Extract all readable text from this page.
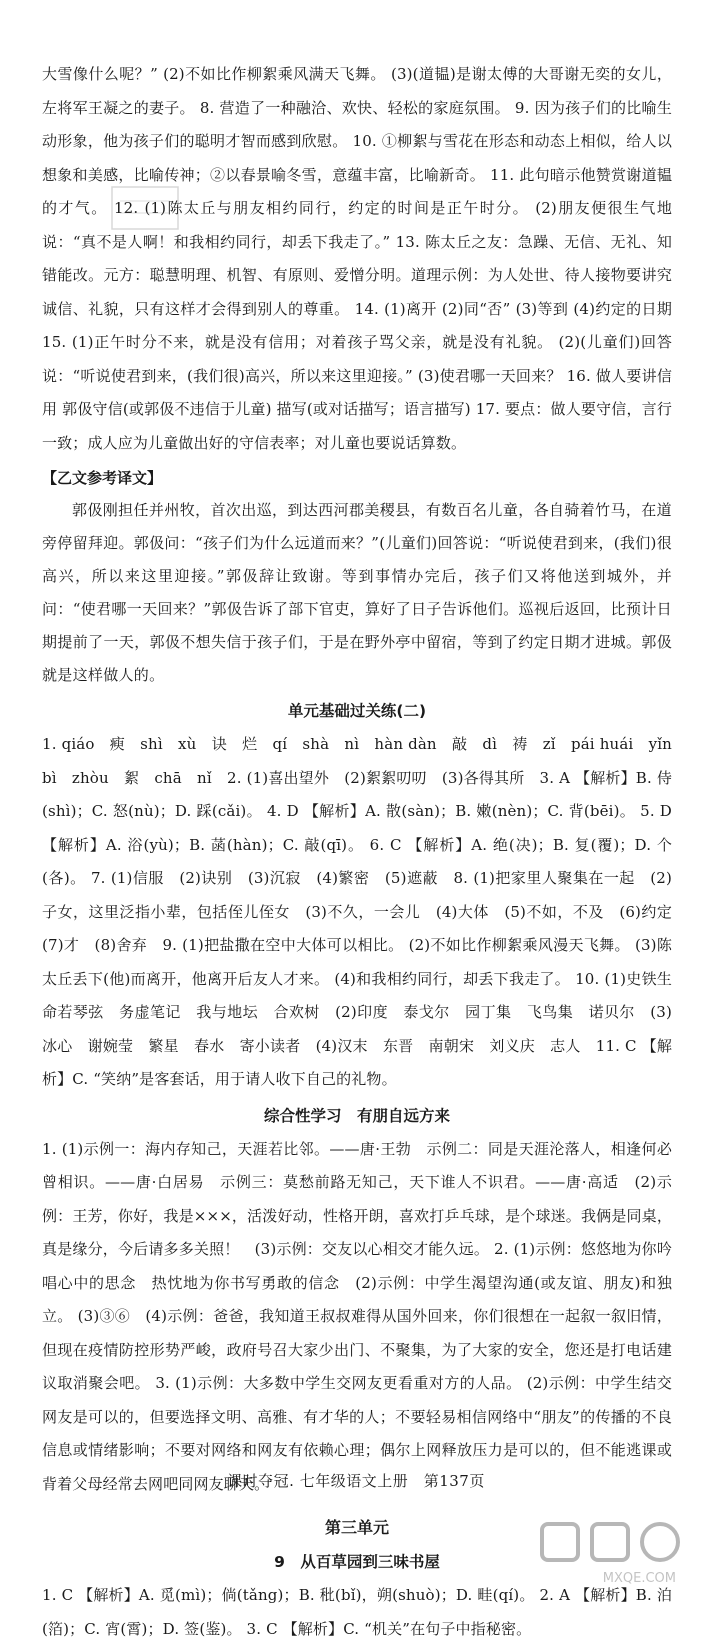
大雪像什么呢？” (2)不如比作柳絮乘风满天飞舞。 (3)(道韫)是谢太傅的大哥谢无奕的女儿，左将军王凝之的妻子。 8. 营造了一种融洽、欢快、轻松的家庭氛围。 9. 因为孩子们的比喻生动形象，他为孩子们的聪明才智而感到欣慰。 10. ①柳絮与雪花在形态和动态上相似，给人以想象和美感，比喻传神；②以春景喻冬雪，意蕴丰富，比喻新奇。 11. 此句暗示他赞赏谢道韫的才气。 12. (1)陈太丘与朋友相约同行，约定的时间是正午时分。 (2)朋友便很生气地说：“真不是人啊！和我相约同行，却丢下我走了。” 13. 陈太丘之友：急躁、无信、无礼、知错能改。元方：聪慧明理、机智、有原则、爱憎分明。道理示例：为人处世、待人接物要讲究诚信、礼貌，只有这样才会得到别人的尊重。 14. (1)离开 (2)同“否” (3)等到 (4)约定的日期 15. (1)正午时分不来，就是没有信用；对着孩子骂父亲，就是没有礼貌。 (2)(儿童们)回答说：“听说使君到来，(我们很)高兴，所以来这里迎接。” (3)使君哪一天回来？ 16. 做人要讲信用 郭伋守信(或郭伋不违信于儿童) 描写(或对话描写；语言描写) 17. 要点：做人要守信，言行一致；成人应为儿童做出好的守信表率；对儿童也要说话算数。

【乙文参考译文】

郭伋刚担任并州牧，首次出巡，到达西河郡美稷县，有数百名儿童，各自骑着竹马，在道旁停留拜迎。郭伋问：“孩子们为什么远道而来？”(儿童们)回答说：“听说使君到来，(我们)很高兴，所以来这里迎接。”郭伋辞让致谢。等到事情办完后，孩子们又将他送到城外，并问：“使君哪一天回来？”郭伋告诉了部下官吏，算好了日子告诉他们。巡视后返回，比预计日期提前了一天，郭伋不想失信于孩子们，于是在野外亭中留宿，等到了约定日期才进城。郭伋就是这样做人的。

单元基础过关练(二)

1. qiáo　瘐　shì　xù　诀　烂　qí　shà　nì　hàn dàn　敲　dì　祷　zǐ　pái huái　yǐn bì　zhòu　絮　chā　nǐ　2. (1)喜出望外　(2)絮絮叨叨　(3)各得其所　3. A 【解析】B. 侍(shì)；C. 怒(nù)；D. 踩(cǎi)。 4. D 【解析】A. 散(sàn)；B. 嫩(nèn)；C. 背(bēi)。 5. D 【解析】A. 浴(yù)；B. 菡(hàn)；C. 敲(qī)。 6. C 【解析】A. 绝(决)；B. 复(覆)；D. 个(各)。 7. (1)信服　(2)诀别　(3)沉寂　(4)繁密　(5)遮蔽　8. (1)把家里人聚集在一起　(2)子女，这里泛指小辈，包括侄儿侄女　(3)不久，一会儿　(4)大体　(5)不如，不及　(6)约定　(7)才　(8)舍弃　9. (1)把盐撒在空中大体可以相比。 (2)不如比作柳絮乘风漫天飞舞。 (3)陈太丘丢下(他)而离开，他离开后友人才来。 (4)和我相约同行，却丢下我走了。 10. (1)史铁生　命若琴弦　务虚笔记　我与地坛　合欢树　(2)印度　泰戈尔　园丁集　飞鸟集　诺贝尔　(3)冰心　谢婉莹　繁星　春水　寄小读者　(4)汉末　东晋　南朝宋　刘义庆　志人　11. C 【解析】C. “笑纳”是客套话，用于请人收下自己的礼物。

综合性学习　有朋自远方来

1. (1)示例一：海内存知己，天涯若比邻。——唐·王勃　示例二：同是天涯沦落人，相逢何必曾相识。——唐·白居易　示例三：莫愁前路无知己，天下谁人不识君。——唐·高适　(2)示例：王芳，你好，我是×××，活泼好动，性格开朗，喜欢打乒乓球，是个球迷。我俩是同桌，真是缘分，今后请多多关照！　(3)示例：交友以心相交才能久远。 2. (1)示例：悠悠地为你吟唱心中的思念　热忱地为你书写勇敢的信念　(2)示例：中学生渴望沟通(或友谊、朋友)和独立。 (3)③⑥　(4)示例：爸爸，我知道王叔叔难得从国外回来，你们很想在一起叙一叙旧情，但现在疫情防控形势严峻，政府号召大家少出门、不聚集，为了大家的安全，您还是打电话建议取消聚会吧。 3. (1)示例：大多数中学生交网友更看重对方的人品。 (2)示例：中学生结交网友是可以的，但要选择文明、高雅、有才华的人；不要轻易相信网络中“朋友”的传播的不良信息或情绪影响；不要对网络和网友有依赖心理；偶尔上网释放压力是可以的，但不能逃课或背着父母经常去网吧同网友聊天。

第三单元
9　从百草园到三味书屋

1. C 【解析】A. 觅(mì)；倘(tǎng)；B. 秕(bǐ)，朔(shuò)；D. 畦(qí)。 2. A 【解析】B. 泊(箔)；C. 宵(霄)；D. 签(鉴)。 3. C 【解析】C. “机关”在句子中指秘密。

课时夺冠. 七年级语文上册　第137页
MXQE.COM
